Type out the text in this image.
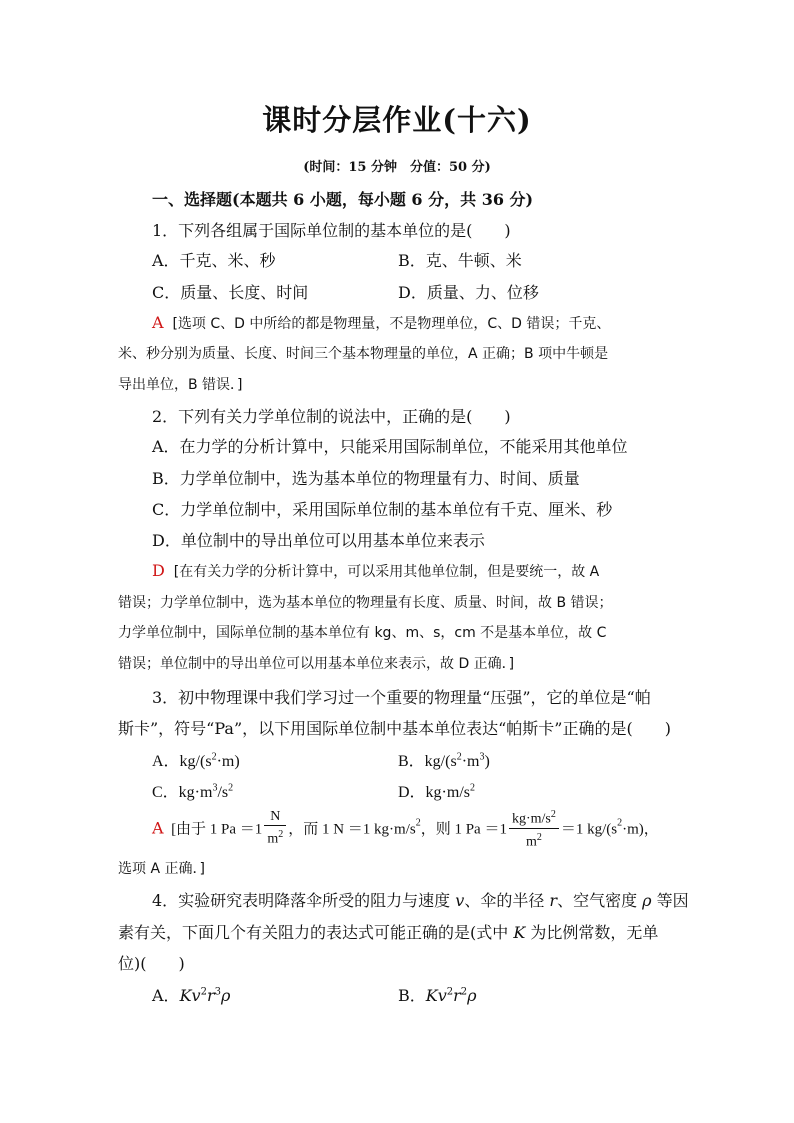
课时分层作业(十六)
(时间：15 分钟　分值：50 分)
一、选择题(本题共 6 小题，每小题 6 分，共 36 分)
1．下列各组属于国际单位制的基本单位的是(　　)
A．千克、米、秒	B．克、牛顿、米
C．质量、长度、时间	D．质量、力、位移
A [选项 C、D 中所给的都是物理量，不是物理单位，C、D 错误；千克、
米、秒分别为质量、长度、时间三个基本物理量的单位，A 正确；B 项中牛顿是
导出单位，B 错误．]
2．下列有关力学单位制的说法中，正确的是(　　)
A．在力学的分析计算中，只能采用国际制单位，不能采用其他单位
B．力学单位制中，选为基本单位的物理量有力、时间、质量
C．力学单位制中，采用国际单位制的基本单位有千克、厘米、秒
D．单位制中的导出单位可以用基本单位来表示
D [在有关力学的分析计算中，可以采用其他单位制，但是要统一，故 A
错误；力学单位制中，选为基本单位的物理量有长度、质量、时间，故 B 错误；
力学单位制中，国际单位制的基本单位有 kg、m、s，cm 不是基本单位，故 C
错误；单位制中的导出单位可以用基本单位来表示，故 D 正确．]
3．初中物理课中我们学习过一个重要的物理量“压强”，它的单位是“帕
斯卡”，符号“Pa”，以下用国际单位制中基本单位表达“帕斯卡”正确的是(　　)
A．$kg/(s^2\cdot m)$	B．$kg/(s^2\cdot m^3)$
C．$kg\cdot m^3/s^2$	D．$kg\cdot m/s^2$
A [由于 1 $Pa =1 \frac{N}{m^2}$ ，而 1 N ＝1 $kg\cdot m/s^2$，则 1 $Pa =1 \frac{kg\cdot m/s^2}{m^2} =1$ $kg/(s^2\cdot m)$，
选项 A 正确．]
4．实验研究表明降落伞所受的阻力与速度 v、伞的半径 r、空气密度 ρ 等因
素有关，下面几个有关阻力的表达式可能正确的是(式中 K 为比例常数，无单
位)(　　)
A．$Kv^2r^3\rho$	B．$Kv^2r^2\rho$
